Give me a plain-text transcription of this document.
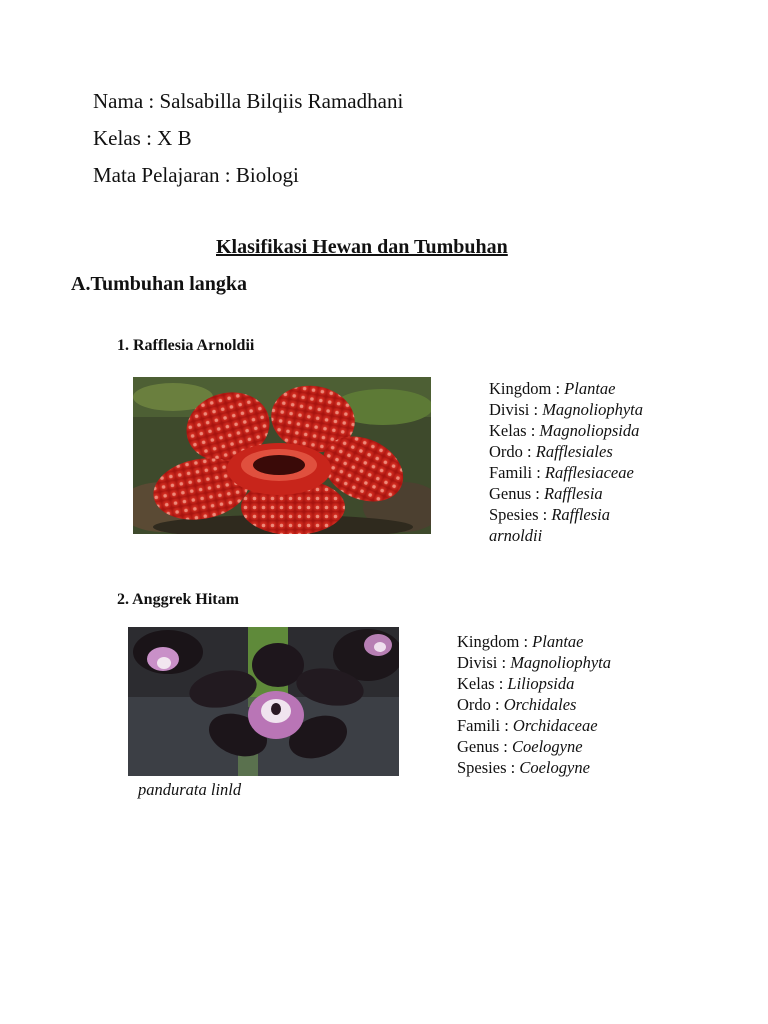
Nama : Salsabilla Bilqiis Ramadhani
Kelas : X B
Mata Pelajaran : Biologi
Klasifikasi Hewan dan Tumbuhan
A.Tumbuhan langka
1. Rafflesia Arnoldii
Kingdom : Plantae
Divisi : Magnoliophyta
Kelas : Magnoliopsida
Ordo : Rafflesiales
Famili : Rafflesiaceae
Genus : Rafflesia
Spesies : Rafflesia
arnoldii
2. Anggrek Hitam
Kingdom : Plantae
Divisi : Magnoliophyta
Kelas : Liliopsida
Ordo : Orchidales
Famili : Orchidaceae
Genus : Coelogyne
Spesies : Coelogyne
pandurata linld
